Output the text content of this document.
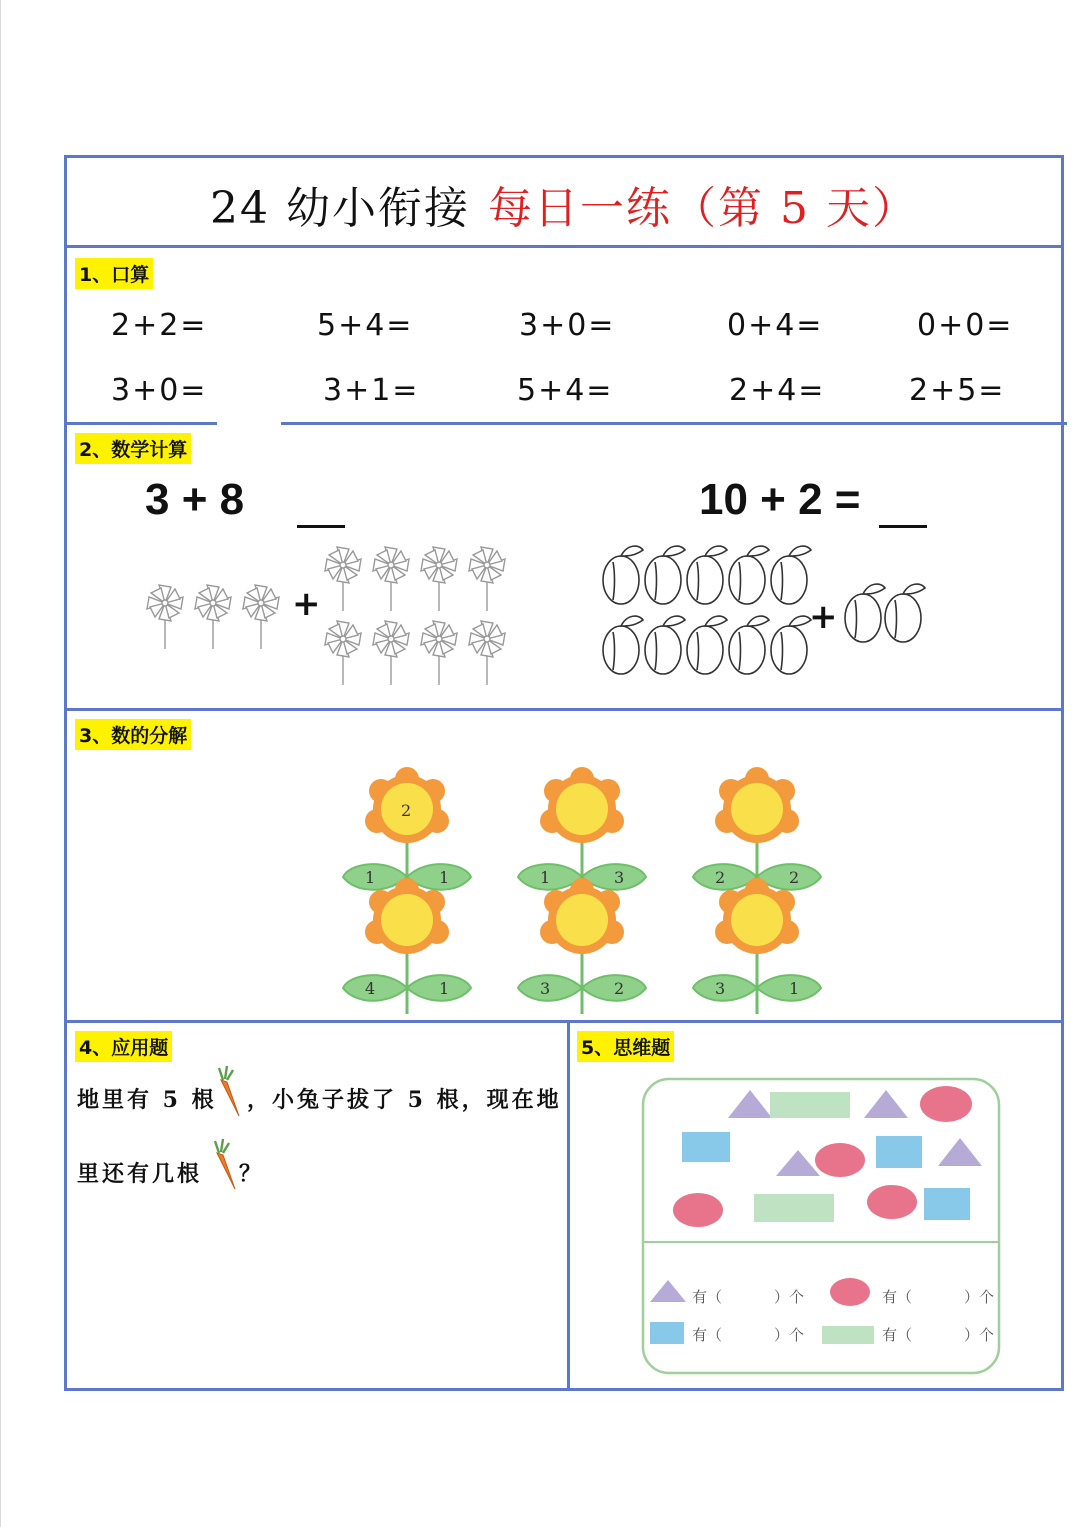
24 幼小衔接 每日一练（第 5 天）
1、口算
2+2=	5+4=	3+0=	0+4=	0+0=
3+0=	3+1=	5+4=	2+4=	2+5=
2、数学计算
3 + 8	10 + 2 =
+	+
3、数的分解
2
1	1	1	3	2	2
4	1	3	2	3	1
4、应用题
地里有 5 根 ，小兔子拔了 5 根，现在地
里还有几根 ？
5、思维题
有（	）个	有（	）个
有（	）个	有（	）个
